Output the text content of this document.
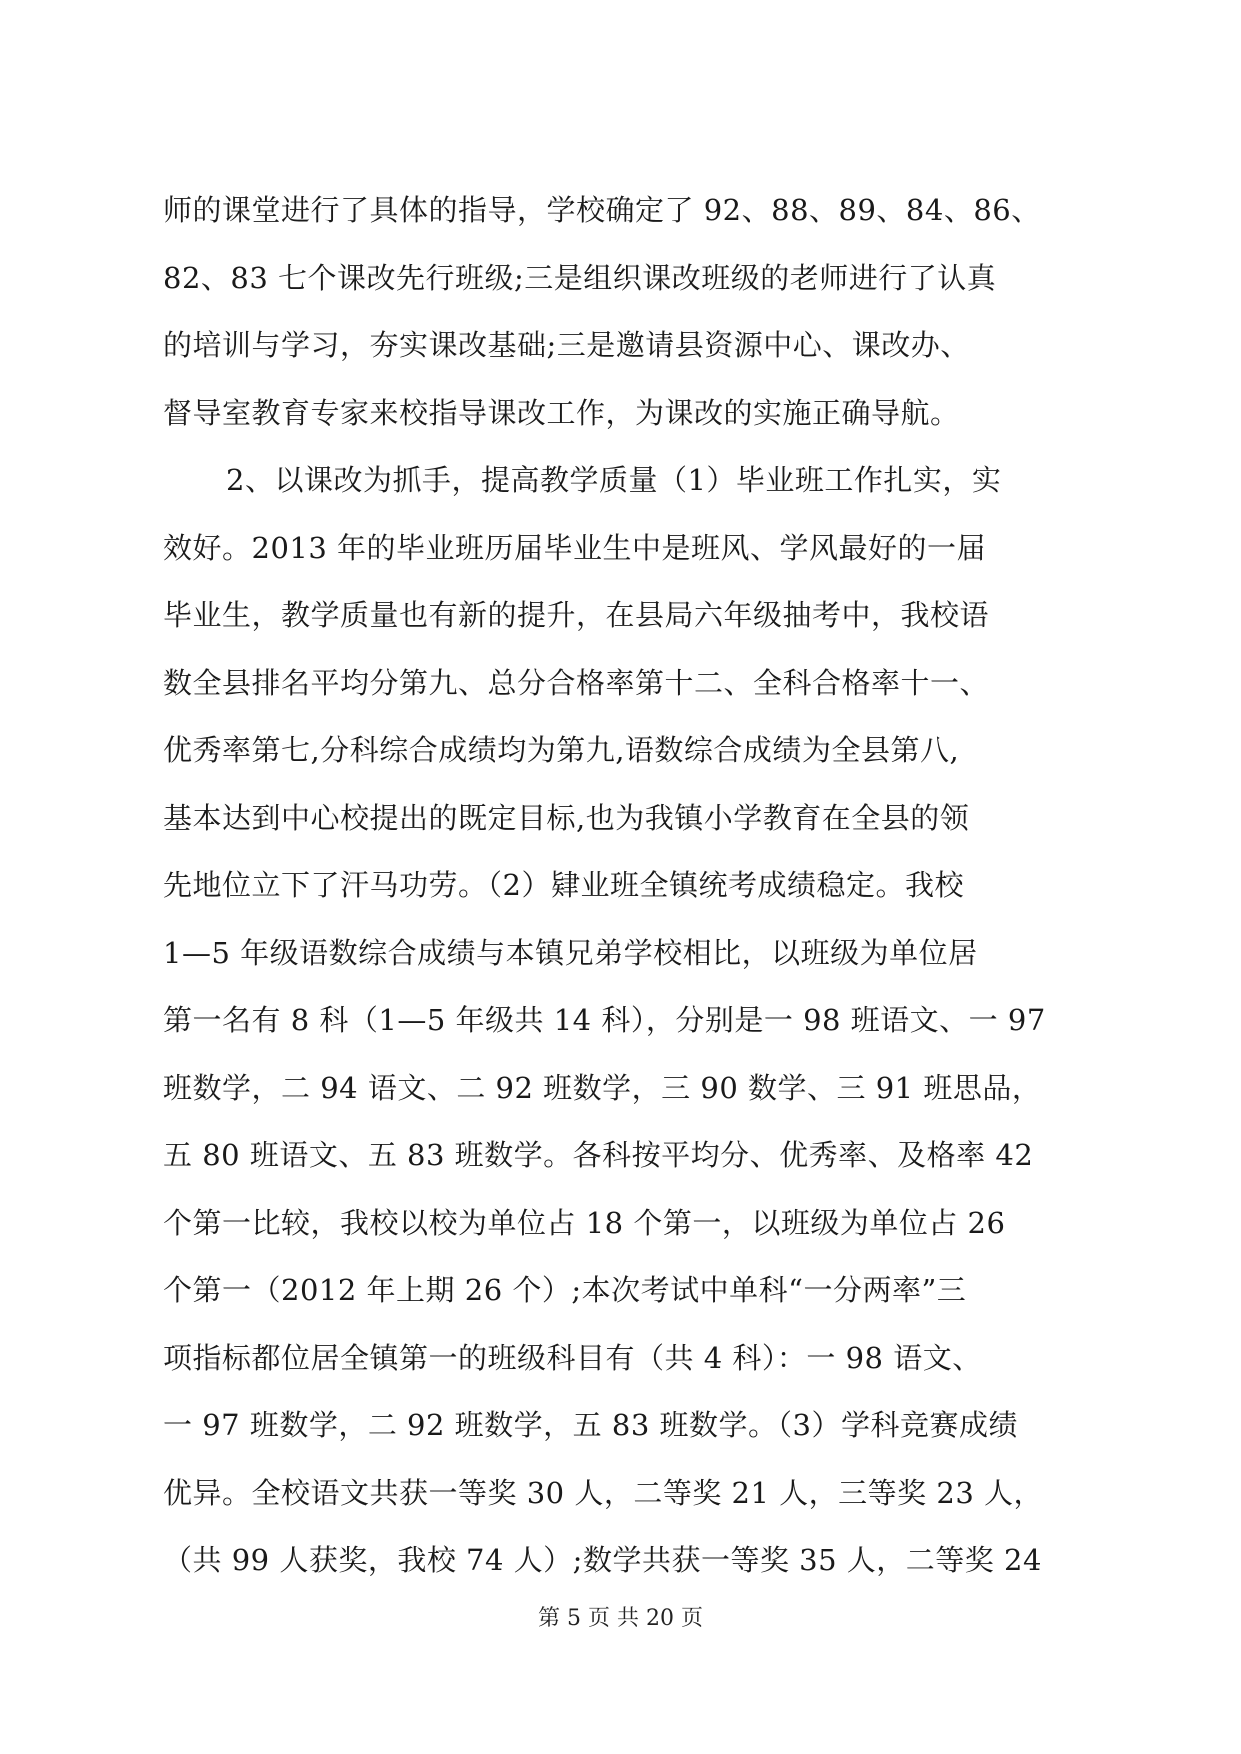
师的课堂进行了具体的指导，学校确定了 92、88、89、84、86、
82、83 七个课改先行班级;三是组织课改班级的老师进行了认真
的培训与学习，夯实课改基础;三是邀请县资源中心、课改办、
督导室教育专家来校指导课改工作，为课改的实施正确导航。
2、以课改为抓手，提高教学质量（1）毕业班工作扎实，实
效好。2013 年的毕业班历届毕业生中是班风、学风最好的一届
毕业生，教学质量也有新的提升，在县局六年级抽考中，我校语
数全县排名平均分第九、总分合格率第十二、全科合格率十一、
优秀率第七,分科综合成绩均为第九,语数综合成绩为全县第八,
基本达到中心校提出的既定目标,也为我镇小学教育在全县的领
先地位立下了汗马功劳。（2）肄业班全镇统考成绩稳定。我校
1—5 年级语数综合成绩与本镇兄弟学校相比，以班级为单位居
第一名有 8 科（1—5 年级共 14 科），分别是一 98 班语文、一 97
班数学，二 94 语文、二 92 班数学，三 90 数学、三 91 班思品，
五 80 班语文、五 83 班数学。各科按平均分、优秀率、及格率 42
个第一比较，我校以校为单位占 18 个第一，以班级为单位占 26
个第一（2012 年上期 26 个）;本次考试中单科“一分两率”三
项指标都位居全镇第一的班级科目有（共 4 科）：一 98 语文、
一 97 班数学，二 92 班数学，五 83 班数学。（3）学科竞赛成绩
优异。全校语文共获一等奖 30 人，二等奖 21 人，三等奖 23 人，
（共 99 人获奖，我校 74 人）;数学共获一等奖 35 人，二等奖 24
第 5 页 共 20 页
